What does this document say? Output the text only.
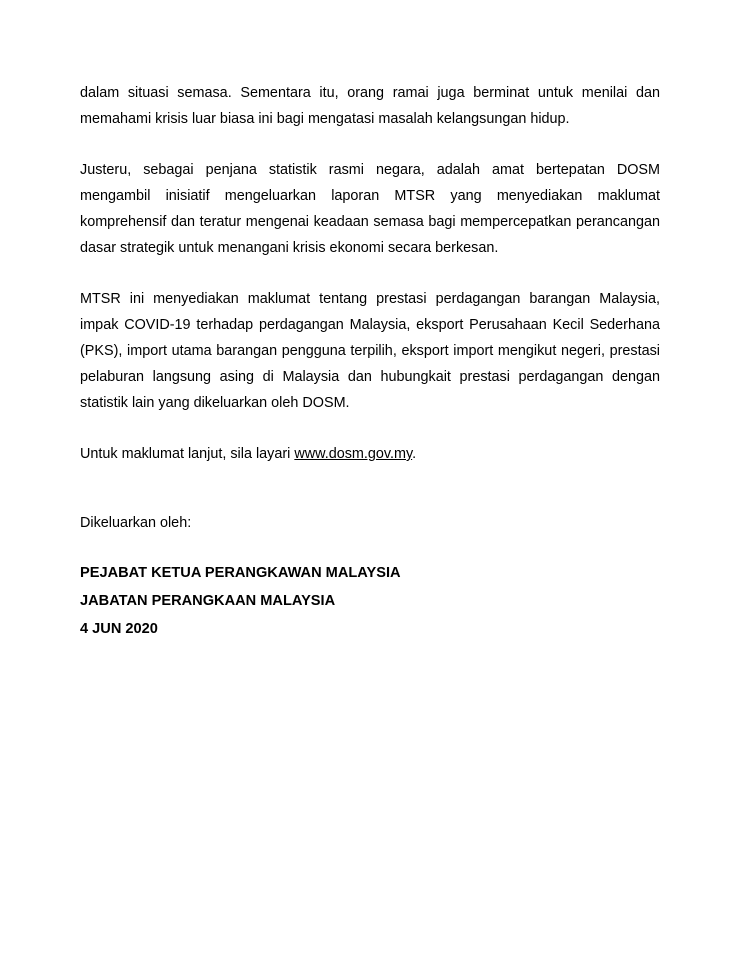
dalam situasi semasa. Sementara itu, orang ramai juga berminat untuk menilai dan memahami krisis luar biasa ini bagi mengatasi masalah kelangsungan hidup.

Justeru, sebagai penjana statistik rasmi negara, adalah amat bertepatan DOSM mengambil inisiatif mengeluarkan laporan MTSR yang menyediakan maklumat komprehensif dan teratur mengenai keadaan semasa bagi mempercepatkan perancangan dasar strategik untuk menangani krisis ekonomi secara berkesan.

MTSR ini menyediakan maklumat tentang prestasi perdagangan barangan Malaysia, impak COVID-19 terhadap perdagangan Malaysia, eksport Perusahaan Kecil Sederhana (PKS), import utama barangan pengguna terpilih, eksport import mengikut negeri, prestasi pelaburan langsung asing di Malaysia dan hubungkait prestasi perdagangan dengan statistik lain yang dikeluarkan oleh DOSM.

Untuk maklumat lanjut, sila layari www.dosm.gov.my.

Dikeluarkan oleh:
PEJABAT KETUA PERANGKAWAN MALAYSIA
JABATAN PERANGKAAN MALAYSIA
4 JUN 2020
